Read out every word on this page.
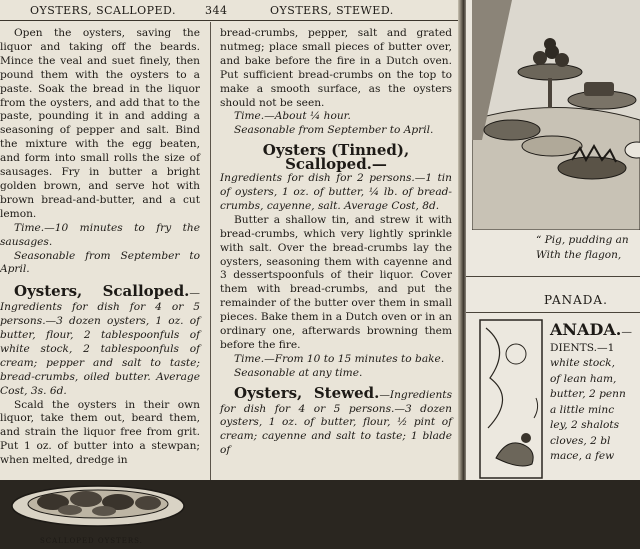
OYSTERS, SCALLOPED.	344	OYSTERS, STEWED.

Open the oysters, saving the liquor and taking off the beards. Mince the veal and suet finely, then pound them with the oysters to a paste. Soak the bread in the liquor from the oysters, and add that to the paste, pounding it in and adding a seasoning of pepper and salt. Bind the mixture with the egg beaten, and form into small rolls the size of sausages. Fry in butter a bright golden brown, and serve hot with brown bread-and-butter, and a cut lemon.

Time.—10 minutes to fry the sausages.

Seasonable from September to April.

Oysters, Scalloped.—Ingredients for dish for 4 or 5 persons.—3 dozen oysters, 1 oz. of butter, flour, 2 tablespoonfuls of white stock, 2 tablespoonfuls of cream; pepper and salt to taste; bread-crumbs, oiled butter. Average Cost, 3s. 6d.

Scald the oysters in their own liquor, take them out, beard them, and strain the liquor free from grit. Put 1 oz. of butter into a stewpan; when melted, dredge in

SCALLOPED OYSTERS.

bread-crumbs, pepper, salt and grated nutmeg; place small pieces of butter over, and bake before the fire in a Dutch oven. Put sufficient bread-crumbs on the top to make a smooth surface, as the oysters should not be seen.

Time.—About ¼ hour.

Seasonable from September to April.

Oysters (Tinned), Scalloped.—

Ingredients for dish for 2 persons.—1 tin of oysters, 1 oz. of butter, ¼ lb. of bread-crumbs, cayenne, salt. Average Cost, 8d.

Butter a shallow tin, and strew it with bread-crumbs, which very lightly sprinkle with salt. Over the bread-crumbs lay the oysters, seasoning them with cayenne and 3 dessertspoonfuls of their liquor. Cover them with bread-crumbs, and put the remainder of the butter over them in small pieces. Bake them in a Dutch oven or in an ordinary one, afterwards browning them before the fire.

Time.—From 10 to 15 minutes to bake.

Seasonable at any time.

Oysters, Stewed.—Ingredients for dish for 4 or 5 persons.—3 dozen oysters, 1 oz. of butter, flour, ½ pint of cream; cayenne and salt to taste; 1 blade of

“ Pig, pudding an
With the flagon,
PANADA.
ANADA.—
DIENTS.—1
white stock,
of lean ham,
butter, 2 penn
a little minc
ley, 2 shalots
cloves, 2 bl
mace, a few
